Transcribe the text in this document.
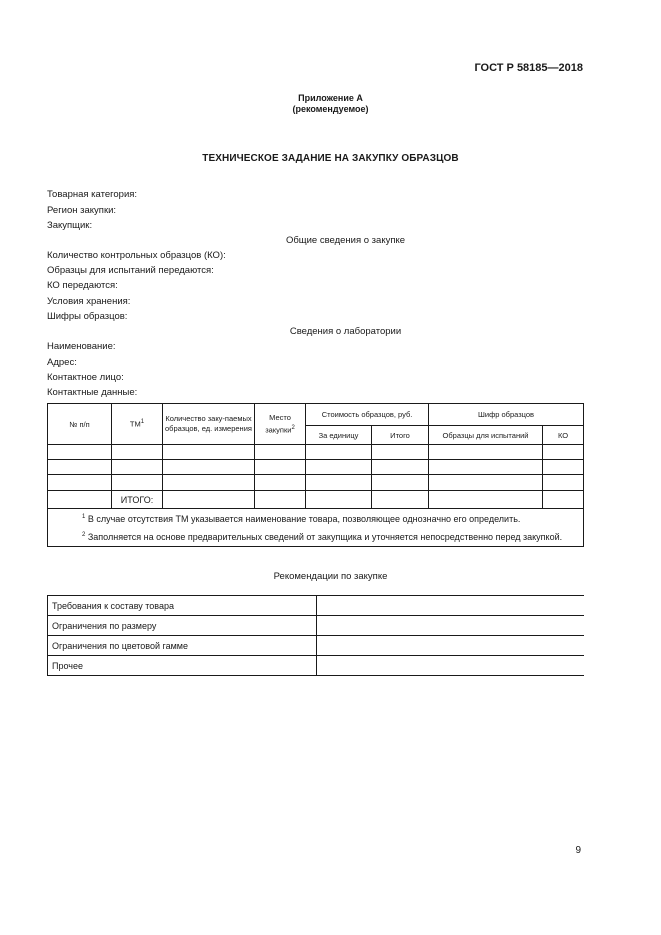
ГОСТ Р 58185—2018
Приложение А
(рекомендуемое)
ТЕХНИЧЕСКОЕ ЗАДАНИЕ НА ЗАКУПКУ ОБРАЗЦОВ
Товарная категория:
Регион закупки:
Закупщик:
Общие сведения о закупке
Количество контрольных образцов (КО):
Образцы для испытаний передаются:
КО передаются:
Условия хранения:
Шифры образцов:
Сведения о лаборатории
Наименование:
Адрес:
Контактное лицо:
Контактные данные:
№ п/п	$ТМ^1$	Количество заку-паемых образцов, ед. измерения	Место закупки$^2$	Стоимость образцов, руб.		Шифр образцов	
				За единицу	Итого	Образцы для испытаний	КО

	ИТОГО:						

$^1$ В случае отсутствия ТМ указывается наименование товара, позволяющее однозначно его определить.
$^2$ Заполняется на основе предварительных сведений от закупщика и уточняется непосредственно перед закупкой.							
Рекомендации по закупке
Требования к составу товара	
Ограничения по размеру	
Ограничения по цветовой гамме	
Прочее	
9
